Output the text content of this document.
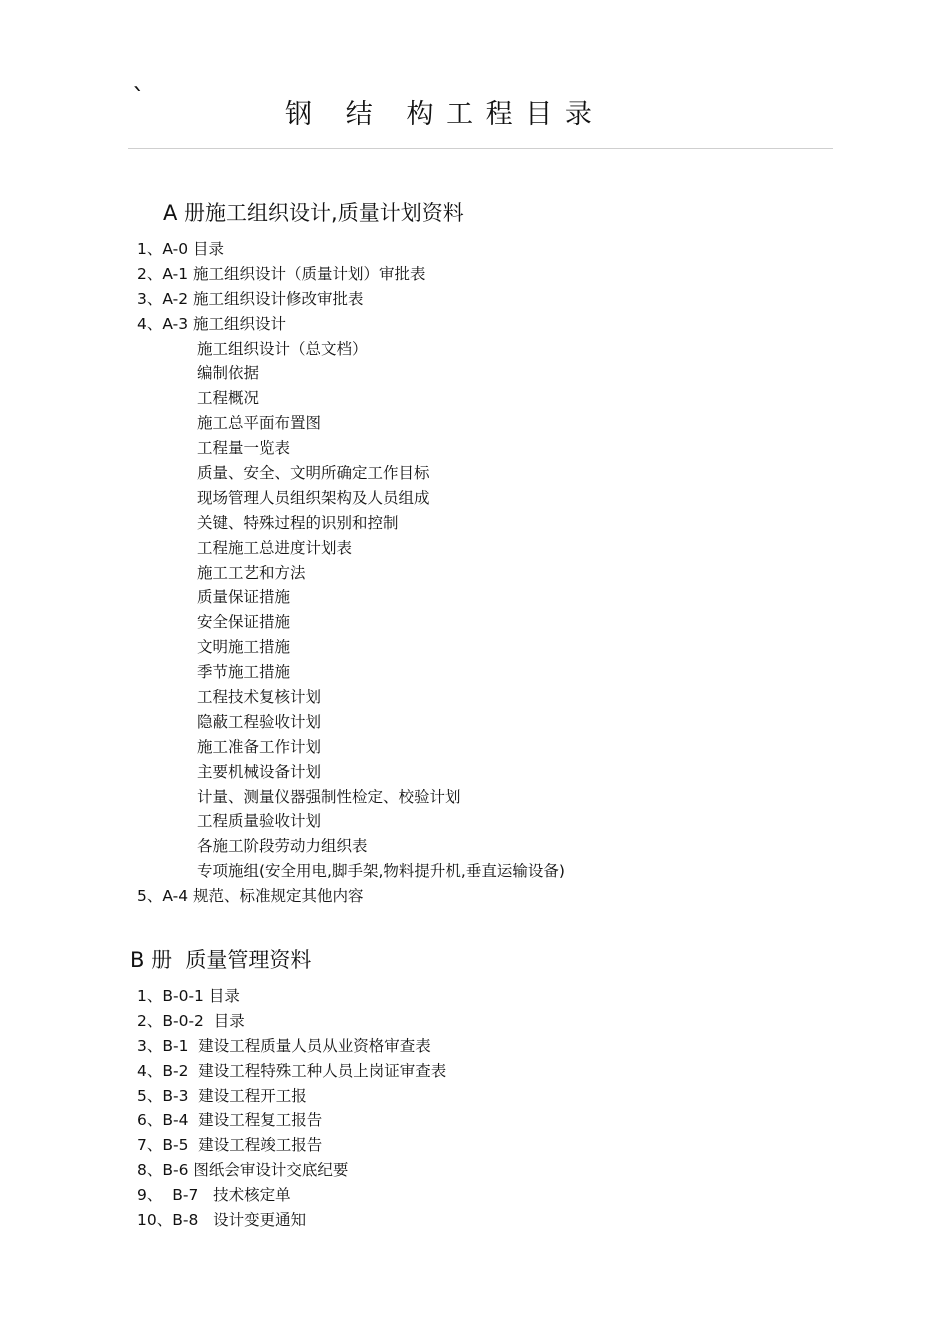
`	钢   结   构 工 程 目 录
A 册施工组织设计,质量计划资料
1、A-0 目录
2、A-1 施工组织设计（质量计划）审批表
3、A-2 施工组织设计修改审批表
4、A-3 施工组织设计
施工组织设计（总文档）
编制依据
工程概况
施工总平面布置图
工程量一览表
质量、安全、文明所确定工作目标
现场管理人员组织架构及人员组成
关键、特殊过程的识别和控制
工程施工总进度计划表
施工工艺和方法
质量保证措施
安全保证措施
文明施工措施
季节施工措施
工程技术复核计划
隐蔽工程验收计划
施工准备工作计划
主要机械设备计划
计量、测量仪器强制性检定、校验计划
工程质量验收计划
各施工阶段劳动力组织表
专项施组(安全用电,脚手架,物料提升机,垂直运输设备)
5、A-4 规范、标准规定其他内容
B 册  质量管理资料
1、B-0-1 目录
2、B-0-2  目录
3、B-1  建设工程质量人员从业资格审查表
4、B-2  建设工程特殊工种人员上岗证审查表
5、B-3  建设工程开工报
6、B-4  建设工程复工报告
7、B-5  建设工程竣工报告
8、B-6 图纸会审设计交底纪要
9、  B-7   技术核定单
10、B-8   设计变更通知
